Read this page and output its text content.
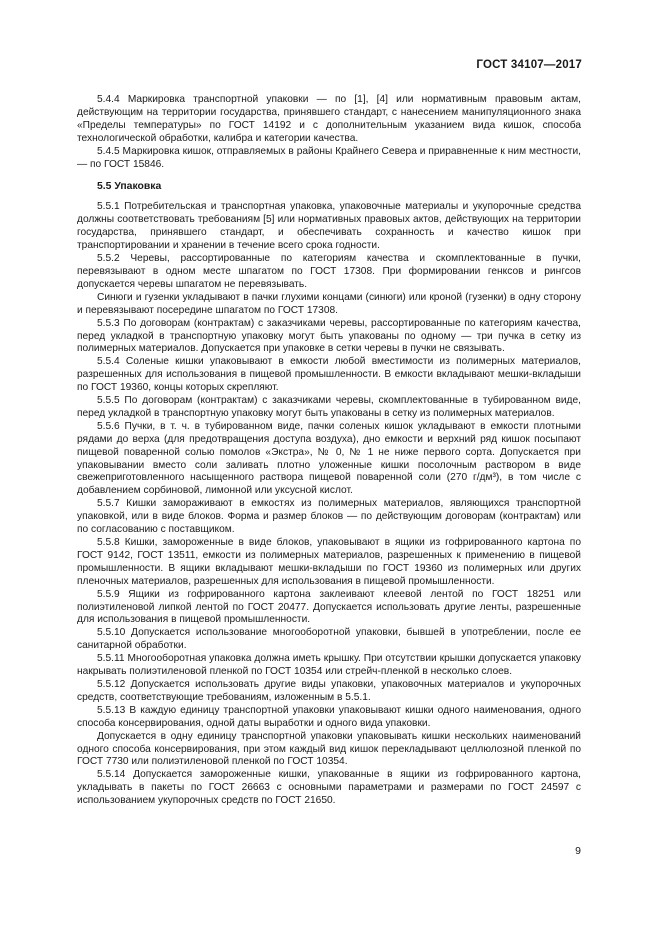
ГОСТ 34107—2017

5.4.4 Маркировка транспортной упаковки — по [1], [4] или нормативным правовым актам, действующим на территории государства, принявшего стандарт, с нанесением манипуляционного знака «Пределы температуры» по ГОСТ 14192 и с дополнительным указанием вида кишок, способа технологической обработки, калибра и категории качества.

5.4.5 Маркировка кишок, отправляемых в районы Крайнего Севера и приравненные к ним местности, — по ГОСТ 15846.

5.5 Упаковка

5.5.1 Потребительская и транспортная упаковка, упаковочные материалы и укупорочные средства должны соответствовать требованиям [5] или нормативных правовых актов, действующих на территории государства, принявшего стандарт, и обеспечивать сохранность и качество кишок при транспортировании и хранении в течение всего срока годности.

5.5.2 Черевы, рассортированные по категориям качества и скомплектованные в пучки, перевязывают в одном месте шпагатом по ГОСТ 17308. При формировании генксов и рингсов допускается черевы шпагатом не перевязывать.

Синюги и гузенки укладывают в пачки глухими концами (синюги) или кроной (гузенки) в одну сторону и перевязывают посередине шпагатом по ГОСТ 17308.

5.5.3 По договорам (контрактам) с заказчиками черевы, рассортированные по категориям качества, перед укладкой в транспортную упаковку могут быть упакованы по одному — три пучка в сетку из полимерных материалов. Допускается при упаковке в сетки черевы в пучки не связывать.

5.5.4 Соленые кишки упаковывают в емкости любой вместимости из полимерных материалов, разрешенных для использования в пищевой промышленности. В емкости вкладывают мешки-вкладыши по ГОСТ 19360, концы которых скрепляют.

5.5.5 По договорам (контрактам) с заказчиками черевы, скомплектованные в тубированном виде, перед укладкой в транспортную упаковку могут быть упакованы в сетку из полимерных материалов.

5.5.6 Пучки, в т. ч. в тубированном виде, пачки соленых кишок укладывают в емкости плотными рядами до верха (для предотвращения доступа воздуха), дно емкости и верхний ряд кишок посыпают пищевой поваренной солью помолов «Экстра», № 0, № 1 не ниже первого сорта. Допускается при упаковывании вместо соли заливать плотно уложенные кишки посолочным раствором в виде свежеприготовленного насыщенного раствора пищевой поваренной соли (270 г/дм³), в том числе с добавлением сорбиновой, лимонной или уксусной кислот.

5.5.7 Кишки замораживают в емкостях из полимерных материалов, являющихся транспортной упаковкой, или в виде блоков. Форма и размер блоков — по действующим договорам (контрактам) или по согласованию с поставщиком.

5.5.8 Кишки, замороженные в виде блоков, упаковывают в ящики из гофрированного картона по ГОСТ 9142, ГОСТ 13511, емкости из полимерных материалов, разрешенных к применению в пищевой промышленности. В ящики вкладывают мешки-вкладыши по ГОСТ 19360 из полимерных или других пленочных материалов, разрешенных для использования в пищевой промышленности.

5.5.9 Ящики из гофрированного картона заклеивают клеевой лентой по ГОСТ 18251 или полиэтиленовой липкой лентой по ГОСТ 20477. Допускается использовать другие ленты, разрешенные для использования в пищевой промышленности.

5.5.10 Допускается использование многооборотной упаковки, бывшей в употреблении, после ее санитарной обработки.

5.5.11 Многооборотная упаковка должна иметь крышку. При отсутствии крышки допускается упаковку накрывать полиэтиленовой пленкой по ГОСТ 10354 или стрейч-пленкой в несколько слоев.

5.5.12 Допускается использовать другие виды упаковки, упаковочных материалов и укупорочных средств, соответствующие требованиям, изложенным в 5.5.1.

5.5.13 В каждую единицу транспортной упаковки упаковывают кишки одного наименования, одного способа консервирования, одной даты выработки и одного вида упаковки.

Допускается в одну единицу транспортной упаковки упаковывать кишки нескольких наименований одного способа консервирования, при этом каждый вид кишок перекладывают целлюлозной пленкой по ГОСТ 7730 или полиэтиленовой пленкой по ГОСТ 10354.

5.5.14 Допускается замороженные кишки, упакованные в ящики из гофрированного картона, укладывать в пакеты по ГОСТ 26663 с основными параметрами и размерами по ГОСТ 24597 с использованием укупорочных средств по ГОСТ 21650.

9
